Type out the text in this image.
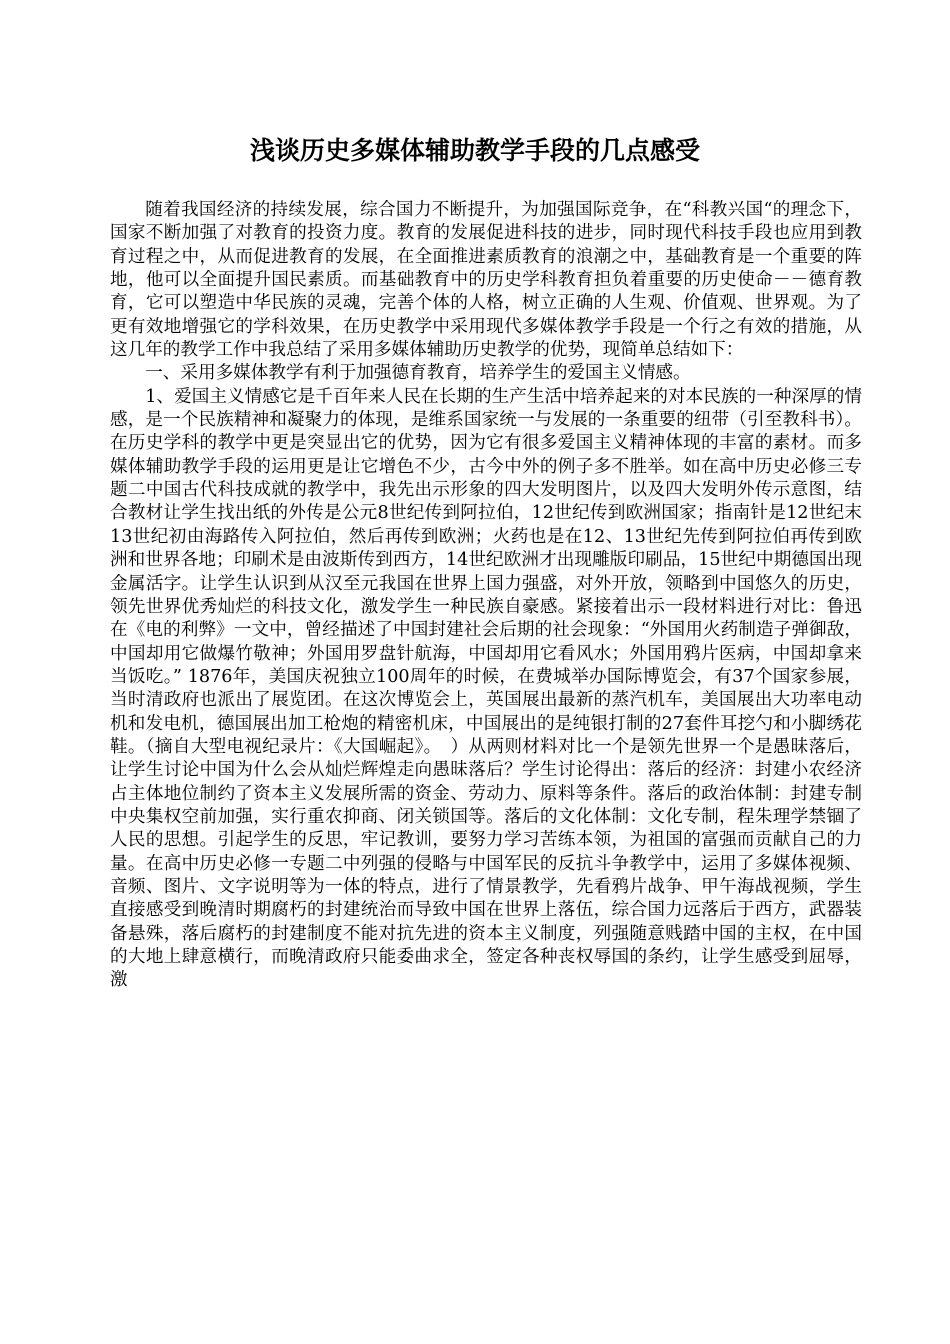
浅谈历史多媒体辅助教学手段的几点感受

随着我国经济的持续发展，综合国力不断提升，为加强国际竞争，在“科教兴国“的理念下，国家不断加强了对教育的投资力度。教育的发展促进科技的进步，同时现代科技手段也应用到教育过程之中，从而促进教育的发展，在全面推进素质教育的浪潮之中，基础教育是一个重要的阵地，他可以全面提升国民素质。而基础教育中的历史学科教育担负着重要的历史使命－－德育教育，它可以塑造中华民族的灵魂，完善个体的人格，树立正确的人生观、价值观、世界观。为了更有效地增强它的学科效果，在历史教学中采用现代多媒体教学手段是一个行之有效的措施，从这几年的教学工作中我总结了采用多媒体辅助历史教学的优势，现简单总结如下：

一、采用多媒体教学有利于加强德育教育，培养学生的爱国主义情感。

1、爱国主义情感它是千百年来人民在长期的生产生活中培养起来的对本民族的一种深厚的情感，是一个民族精神和凝聚力的体现，是维系国家统一与发展的一条重要的纽带（引至教科书）。在历史学科的教学中更是突显出它的优势，因为它有很多爱国主义精神体现的丰富的素材。而多媒体辅助教学手段的运用更是让它增色不少，古今中外的例子多不胜举。如在高中历史必修三专题二中国古代科技成就的教学中，我先出示形象的四大发明图片，以及四大发明外传示意图，结合教材让学生找出纸的外传是公元8世纪传到阿拉伯，12世纪传到欧洲国家；指南针是12世纪末13世纪初由海路传入阿拉伯，然后再传到欧洲；火药也是在12、13世纪先传到阿拉伯再传到欧洲和世界各地；印刷术是由波斯传到西方，14世纪欧洲才出现雕版印刷品，15世纪中期德国出现金属活字。让学生认识到从汉至元我国在世界上国力强盛，对外开放，领略到中国悠久的历史，领先世界优秀灿烂的科技文化，激发学生一种民族自豪感。紧接着出示一段材料进行对比：鲁迅在《电的利弊》一文中，曾经描述了中国封建社会后期的社会现象：“外国用火药制造子弹御敌，中国却用它做爆竹敬神；外国用罗盘针航海，中国却用它看风水；外国用鸦片医病，中国却拿来当饭吃。” 1876年，美国庆祝独立100周年的时候，在费城举办国际博览会，有37个国家参展，当时清政府也派出了展览团。在这次博览会上，英国展出最新的蒸汽机车，美国展出大功率电动机和发电机，德国展出加工枪炮的精密机床，中国展出的是纯银打制的27套件耳挖勺和小脚绣花鞋。（摘自大型电视纪录片：《大国崛起》。　）从两则材料对比一个是领先世界一个是愚昧落后，让学生讨论中国为什么会从灿烂辉煌走向愚昧落后？学生讨论得出：落后的经济：封建小农经济占主体地位制约了资本主义发展所需的资金、劳动力、原料等条件。落后的政治体制：封建专制中央集权空前加强，实行重农抑商、闭关锁国等。落后的文化体制：文化专制，程朱理学禁锢了人民的思想。引起学生的反思，牢记教训，要努力学习苦练本领，为祖国的富强而贡献自己的力量。在高中历史必修一专题二中列强的侵略与中国军民的反抗斗争教学中，运用了多媒体视频、音频、图片、文字说明等为一体的特点，进行了情景教学，先看鸦片战争、甲午海战视频，学生直接感受到晚清时期腐朽的封建统治而导致中国在世界上落伍，综合国力远落后于西方，武器装备悬殊，落后腐朽的封建制度不能对抗先进的资本主义制度，列强随意贱踏中国的主权，在中国的大地上肆意横行，而晚清政府只能委曲求全，签定各种丧权辱国的条约，让学生感受到屈辱，激
